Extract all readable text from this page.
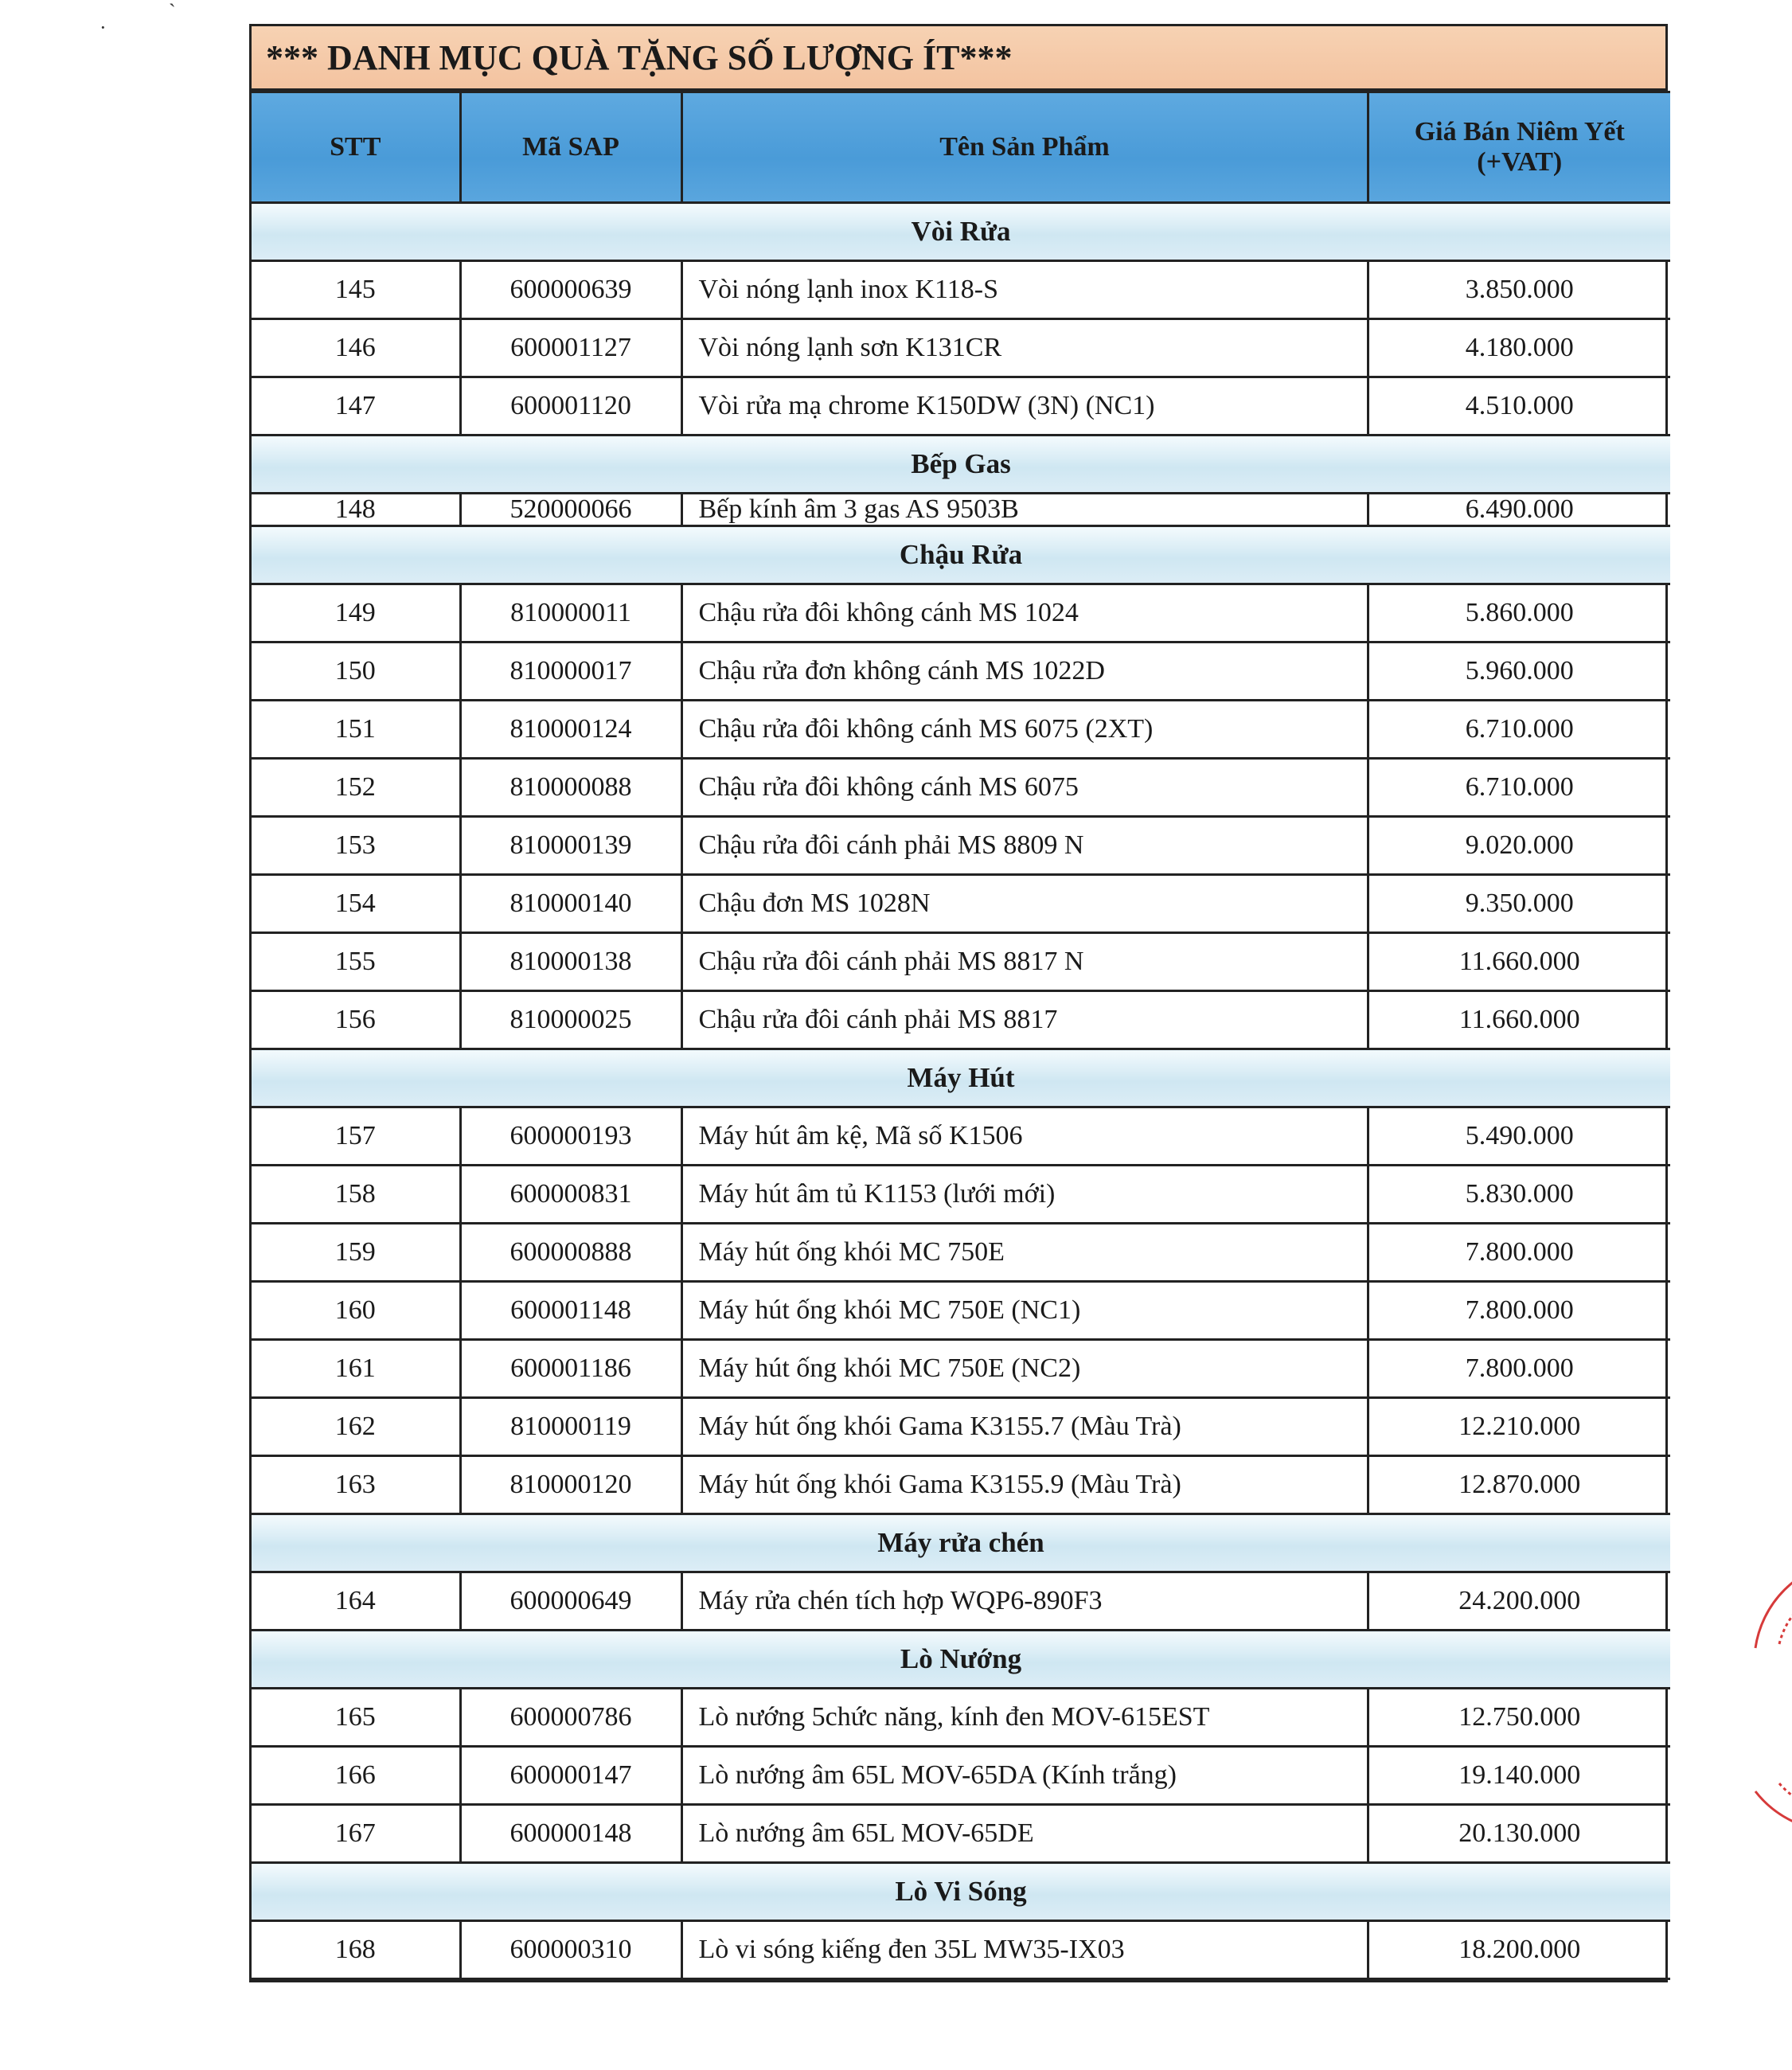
·
`
*** DANH MỤC QUÀ TẶNG SỐ LƯỢNG ÍT***
STT	Mã SAP	Tên Sản Phẩm	Giá Bán Niêm Yết
(+VAT)
Vòi Rửa			
145	600000639	Vòi nóng lạnh inox K118-S	3.850.000
146	600001127	Vòi nóng lạnh sơn K131CR	4.180.000
147	600001120	Vòi rửa mạ chrome K150DW (3N) (NC1)	4.510.000
Bếp Gas			
148	520000066	Bếp kính âm 3 gas AS 9503B	6.490.000
Chậu Rửa			
149	810000011	Chậu rửa đôi không cánh MS 1024	5.860.000
150	810000017	Chậu rửa đơn không cánh MS 1022D	5.960.000
151	810000124	Chậu rửa đôi không cánh MS 6075 (2XT)	6.710.000
152	810000088	Chậu rửa đôi không cánh MS 6075	6.710.000
153	810000139	Chậu rửa đôi cánh phải MS 8809 N	9.020.000
154	810000140	Chậu đơn MS 1028N	9.350.000
155	810000138	Chậu rửa đôi cánh phải MS 8817 N	11.660.000
156	810000025	Chậu rửa đôi cánh phải MS 8817	11.660.000
Máy Hút			
157	600000193	Máy hút âm kệ, Mã số K1506	5.490.000
158	600000831	Máy hút âm tủ K1153 (lưới mới)	5.830.000
159	600000888	Máy hút ống khói MC 750E	7.800.000
160	600001148	Máy hút ống khói MC 750E (NC1)	7.800.000
161	600001186	Máy hút ống khói MC 750E (NC2)	7.800.000
162	810000119	Máy hút ống khói Gama K3155.7 (Màu Trà)	12.210.000
163	810000120	Máy hút ống khói Gama K3155.9 (Màu Trà)	12.870.000
Máy rửa chén			
164	600000649	Máy rửa chén tích hợp WQP6-890F3	24.200.000
Lò Nướng			
165	600000786	Lò nướng 5chức năng, kính đen MOV-615EST	12.750.000
166	600000147	Lò nướng âm 65L MOV-65DA (Kính trắng)	19.140.000
167	600000148	Lò nướng âm 65L MOV-65DE	20.130.000
Lò Vi Sóng			
168	600000310	Lò vi sóng kiếng đen 35L MW35-IX03	18.200.000
